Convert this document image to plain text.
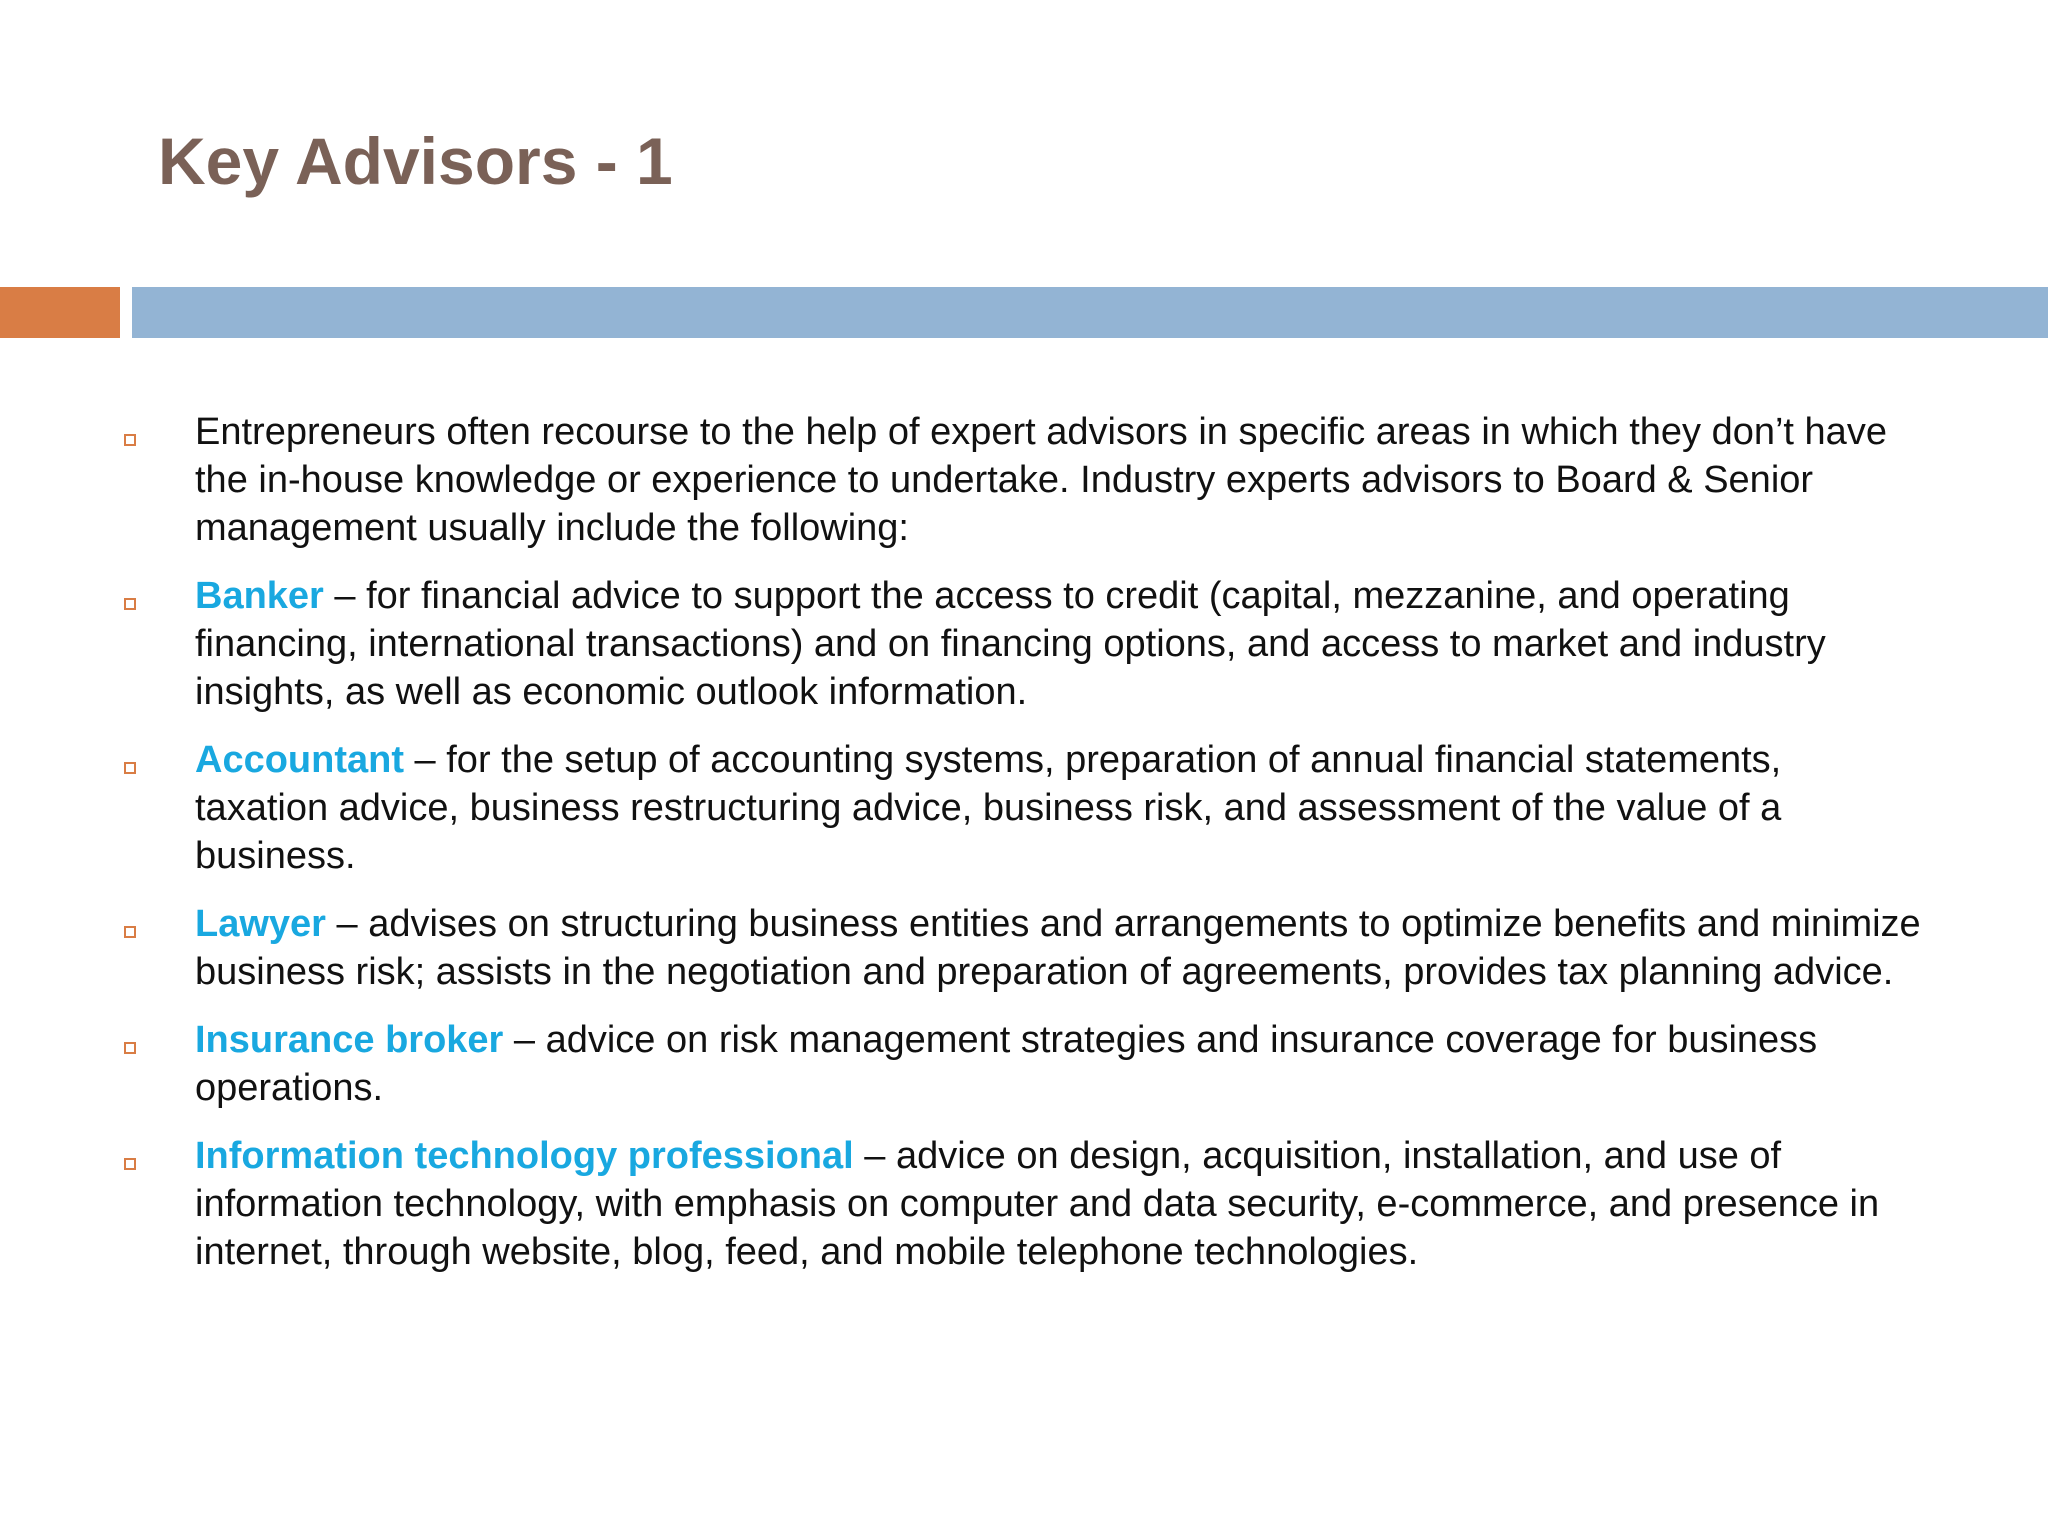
Key Advisors - 1
Entrepreneurs often recourse to the help of expert advisors in specific areas in which they don’t have the in-house knowledge or experience to undertake. Industry experts advisors to Board & Senior management usually include the following:
Banker – for financial advice to support the access to credit (capital, mezzanine, and operating financing, international transactions) and on financing options, and access to market and industry insights, as well as economic outlook information.
Accountant – for the setup of accounting systems, preparation of annual financial statements, taxation advice, business restructuring advice, business risk, and assessment of the value of a business.
Lawyer – advises on structuring business entities and arrangements to optimize benefits and minimize business risk; assists in the negotiation and preparation of agreements, provides tax planning advice.
Insurance broker – advice on risk management strategies and insurance coverage for business operations.
Information technology professional – advice on design, acquisition, installation, and use of information technology, with emphasis on computer and data security, e-commerce, and presence in internet, through website, blog, feed, and mobile telephone technologies.
